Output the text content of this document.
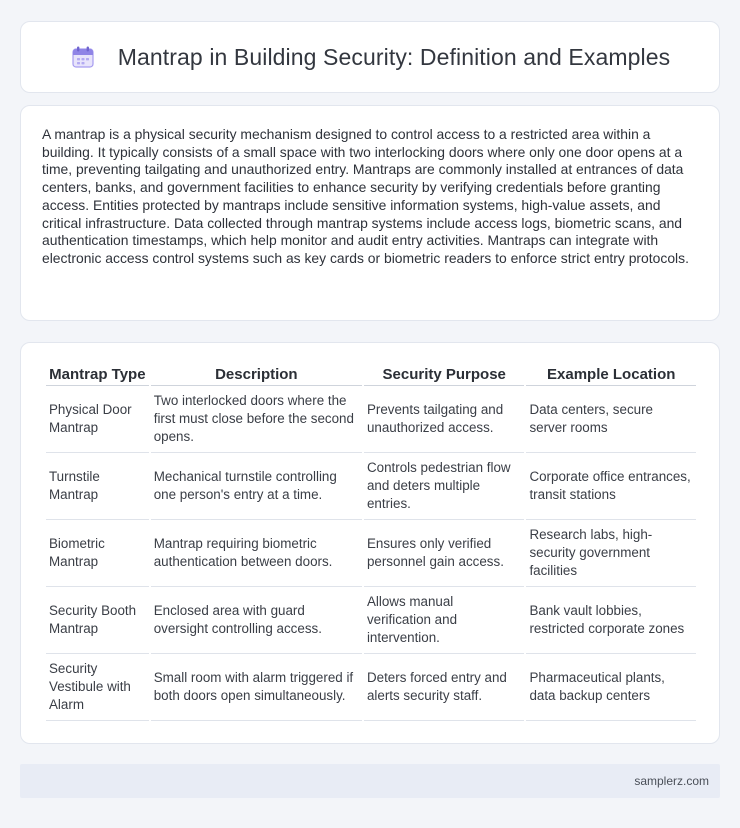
Mantrap in Building Security: Definition and Examples

A mantrap is a physical security mechanism designed to control access to a restricted area within a building. It typically consists of a small space with two interlocking doors where only one door opens at a time, preventing tailgating and unauthorized entry. Mantraps are commonly installed at entrances of data centers, banks, and government facilities to enhance security by verifying credentials before granting access. Entities protected by mantraps include sensitive information systems, high-value assets, and critical infrastructure. Data collected through mantrap systems include access logs, biometric scans, and authentication timestamps, which help monitor and audit entry activities. Mantraps can integrate with electronic access control systems such as key cards or biometric readers to enforce strict entry protocols.

Mantrap Type	Description	Security Purpose	Example Location
Physical Door Mantrap	Two interlocked doors where the first must close before the second opens.	Prevents tailgating and unauthorized access.	Data centers, secure server rooms
Turnstile Mantrap	Mechanical turnstile controlling one person's entry at a time.	Controls pedestrian flow and deters multiple entries.	Corporate office entrances, transit stations
Biometric Mantrap	Mantrap requiring biometric authentication between doors.	Ensures only verified personnel gain access.	Research labs, high-security government facilities
Security Booth Mantrap	Enclosed area with guard oversight controlling access.	Allows manual verification and intervention.	Bank vault lobbies, restricted corporate zones
Security Vestibule with Alarm	Small room with alarm triggered if both doors open simultaneously.	Deters forced entry and alerts security staff.	Pharmaceutical plants, data backup centers
samplerz.com
